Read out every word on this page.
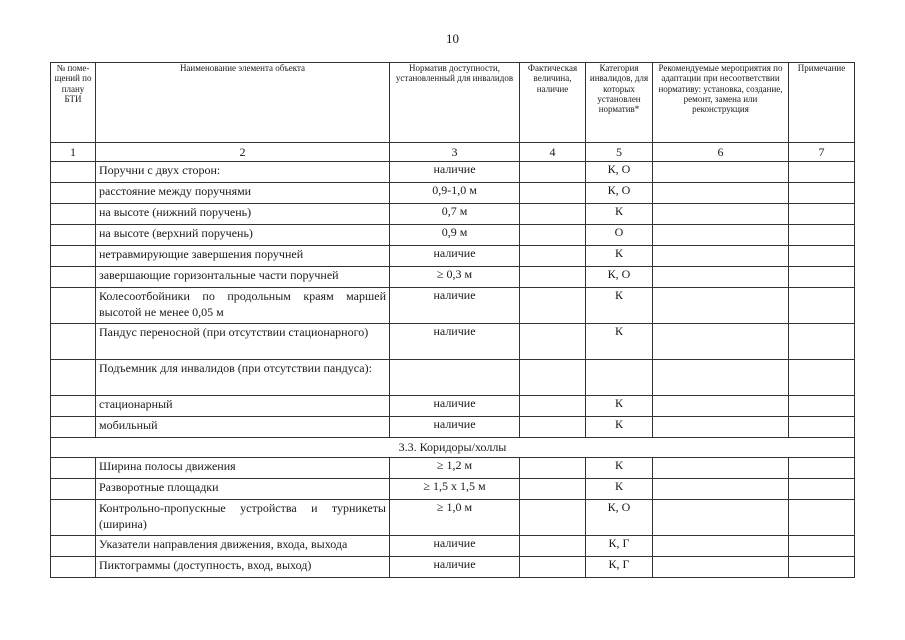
10
№ поме-щений по плану БТИ	Наименование элемента объекта	Норматив доступности, установленный для инвалидов	Фактическая величина, наличие	Категория инвалидов, для которых установлен норматив*	Рекомендуемые мероприятия по адаптации при несоответствии нормативу: установка, создание, ремонт, замена или реконструкция	Примечание
1	2	3	4	5	6	7
	Поручни с двух сторон:	наличие		К, О		
	расстояние между поручнями	0,9-1,0 м		К, О		
	на высоте (нижний поручень)	0,7 м		К		
	на высоте (верхний поручень)	0,9 м		О		
	нетравмирующие завершения поручней	наличие		К		
	завершающие горизонтальные части поручней	≥ 0,3 м		К, О		
	Колесоотбойники по продольным краям маршей высотой не менее 0,05 м	наличие		К		
	Пандус переносной (при отсутствии стационарного)	наличие		К		
	Подъемник для инвалидов (при отсутствии пандуса):					
	стационарный	наличие		К		
	мобильный	наличие		К		
3.3. Коридоры/холлы						
	Ширина полосы движения	≥ 1,2 м		К		
	Разворотные площадки	≥ 1,5 х 1,5 м		К		
	Контрольно-пропускные устройства и турникеты (ширина)	≥ 1,0 м		К, О		
	Указатели направления движения, входа, выхода	наличие		К, Г		
	Пиктограммы (доступность, вход, выход)	наличие		К, Г		
